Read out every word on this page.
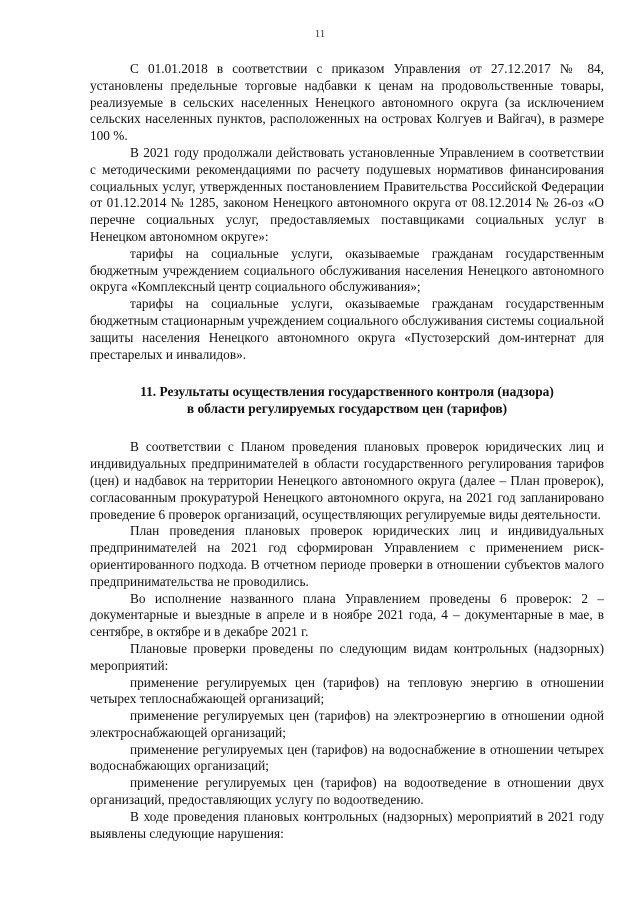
11

С 01.01.2018 в соответствии с приказом Управления от 27.12.2017 № 84, установлены предельные торговые надбавки к ценам на продовольственные товары, реализуемые в сельских населенных Ненецкого автономного округа (за исключением сельских населенных пунктов, расположенных на островах Колгуев и Вайгач), в размере 100 %.

В 2021 году продолжали действовать установленные Управлением в соответствии с методическими рекомендациями по расчету подушевых нормативов финансирования социальных услуг, утвержденных постановлением Правительства Российской Федерации от 01.12.2014 № 1285, законом Ненецкого автономного округа от 08.12.2014 № 26-оз «О перечне социальных услуг, предоставляемых поставщиками социальных услуг в Ненецком автономном округе»:

тарифы на социальные услуги, оказываемые гражданам государственным бюджетным учреждением социального обслуживания населения Ненецкого автономного округа «Комплексный центр социального обслуживания»;

тарифы на социальные услуги, оказываемые гражданам государственным бюджетным стационарным учреждением социального обслуживания системы социальной защиты населения Ненецкого автономного округа «Пустозерский дом-интернат для престарелых и инвалидов».

11. Результаты осуществления государственного контроля (надзора)
в области регулируемых государством цен (тарифов)

В соответствии с Планом проведения плановых проверок юридических лиц и индивидуальных предпринимателей в области государственного регулирования тарифов (цен) и надбавок на территории Ненецкого автономного округа (далее – План проверок), согласованным прокуратурой Ненецкого автономного округа, на 2021 год запланировано проведение 6 проверок организаций, осуществляющих регулируемые виды деятельности.

План проведения плановых проверок юридических лиц и индивидуальных предпринимателей на 2021 год сформирован Управлением с применением риск-ориентированного подхода. В отчетном периоде проверки в отношении субъектов малого предпринимательства не проводились.

Во исполнение названного плана Управлением проведены 6 проверок: 2 – документарные и выездные в апреле и в ноябре 2021 года, 4 – документарные в мае, в сентябре, в октябре и в декабре 2021 г.

Плановые проверки проведены по следующим видам контрольных (надзорных) мероприятий:

применение регулируемых цен (тарифов) на тепловую энергию в отношении четырех теплоснабжающей организаций;

применение регулируемых цен (тарифов) на электроэнергию в отношении одной электроснабжающей организаций;

применение регулируемых цен (тарифов) на водоснабжение в отношении четырех водоснабжающих организаций;

применение регулируемых цен (тарифов) на водоотведение в отношении двух организаций, предоставляющих услугу по водоотведению.

В ходе проведения плановых контрольных (надзорных) мероприятий в 2021 году выявлены следующие нарушения:
